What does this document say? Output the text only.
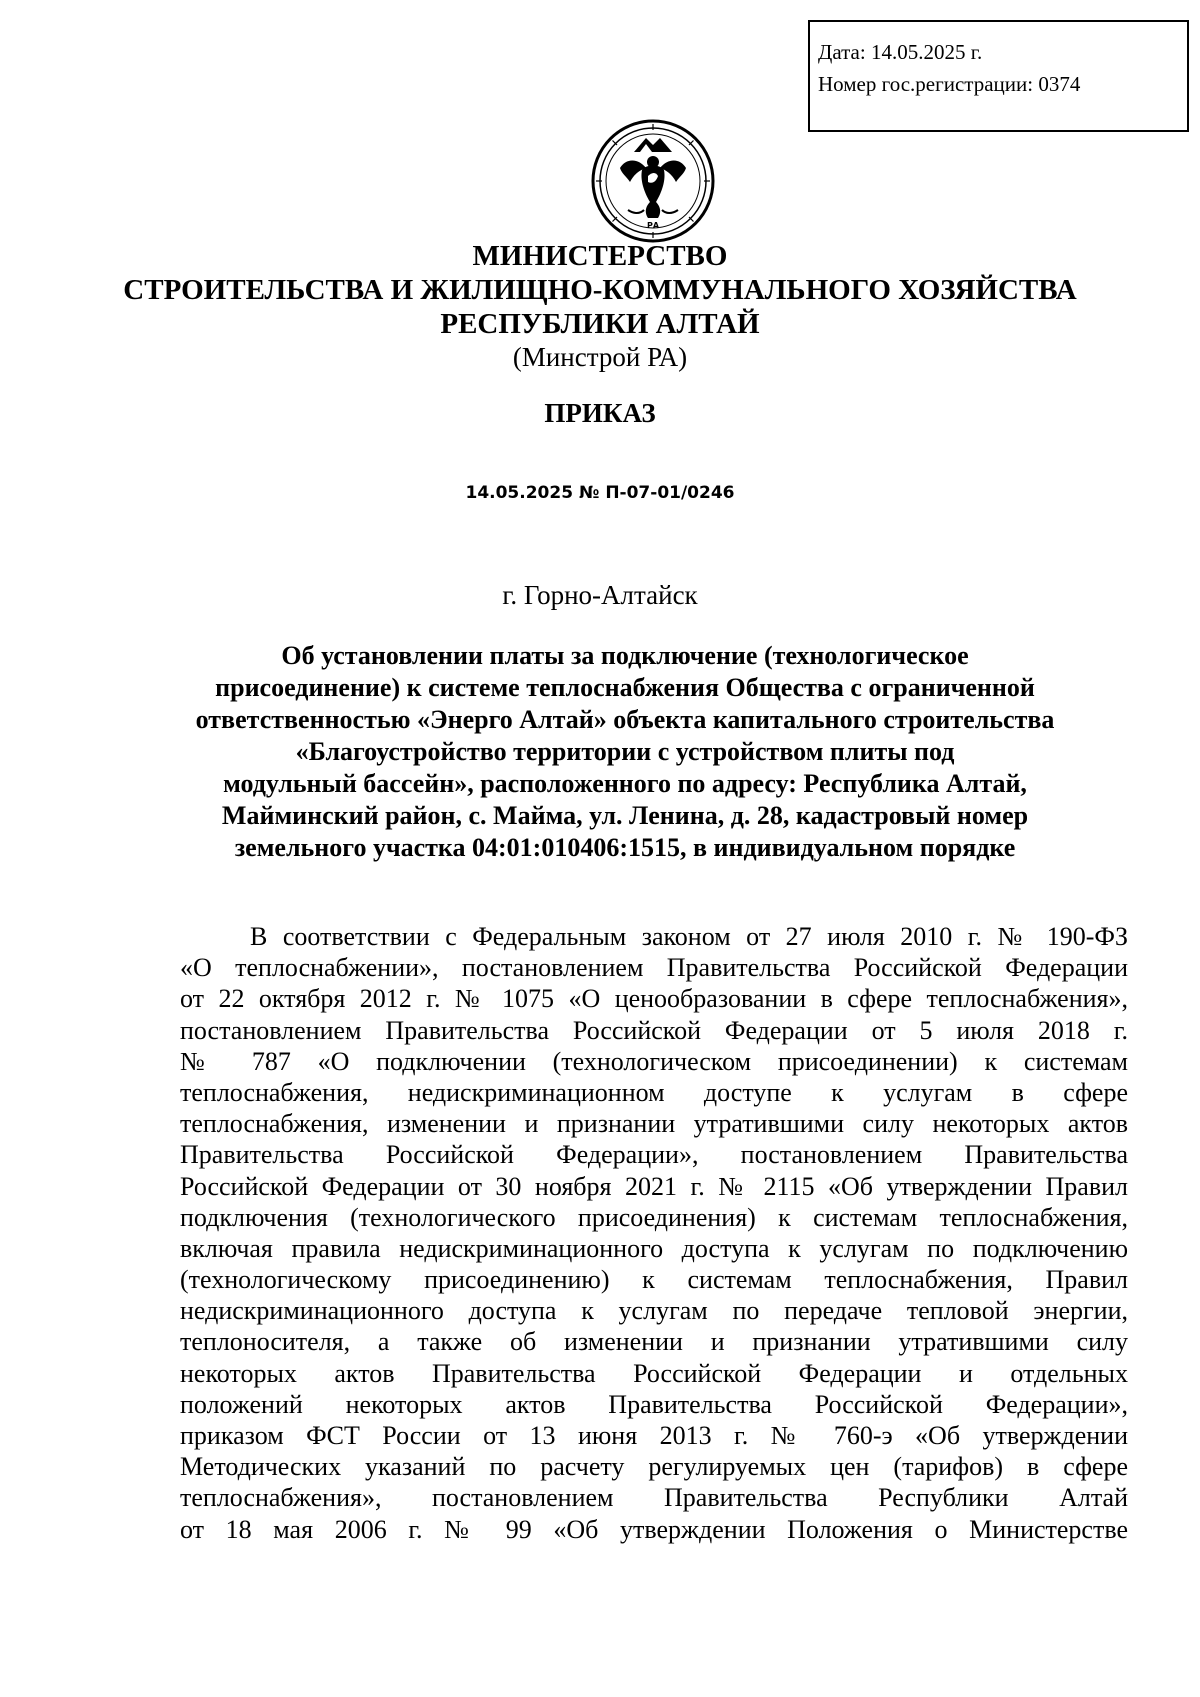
Дата: 14.05.2025 г.
Номер гос.регистрации: 0374
РА
МИНИСТЕРСТВО
СТРОИТЕЛЬСТВА И ЖИЛИЩНО-КОММУНАЛЬНОГО ХОЗЯЙСТВА
РЕСПУБЛИКИ АЛТАЙ
(Минстрой РА)
ПРИКАЗ
14.05.2025 № П-07-01/0246
г. Горно-Алтайск
Об установлении платы за подключение (технологическое
присоединение) к системе теплоснабжения Общества с ограниченной
ответственностью «Энерго Алтай» объекта капитального строительства
«Благоустройство территории с устройством плиты под
модульный бассейн», расположенного по адресу: Республика Алтай,
Майминский район, с. Майма, ул. Ленина, д. 28, кадастровый номер
земельного участка 04:01:010406:1515, в индивидуальном порядке
В соответствии с Федеральным законом от 27 июля 2010 г. № 190-ФЗ
«О теплоснабжении», постановлением Правительства Российской Федерации
от 22 октября 2012 г. № 1075 «О ценообразовании в сфере теплоснабжения»,
постановлением Правительства Российской Федерации от 5 июля 2018 г.
№ 787 «О подключении (технологическом присоединении) к системам
теплоснабжения, недискриминационном доступе к услугам в сфере
теплоснабжения, изменении и признании утратившими силу некоторых актов
Правительства Российской Федерации», постановлением Правительства
Российской Федерации от 30 ноября 2021 г. № 2115 «Об утверждении Правил
подключения (технологического присоединения) к системам теплоснабжения,
включая правила недискриминационного доступа к услугам по подключению
(технологическому присоединению) к системам теплоснабжения, Правил
недискриминационного доступа к услугам по передаче тепловой энергии,
теплоносителя, а также об изменении и признании утратившими силу
некоторых актов Правительства Российской Федерации и отдельных
положений некоторых актов Правительства Российской Федерации»,
приказом ФСТ России от 13 июня 2013 г. № 760-э «Об утверждении
Методических указаний по расчету регулируемых цен (тарифов) в сфере
теплоснабжения», постановлением Правительства Республики Алтай
от 18 мая 2006 г. № 99 «Об утверждении Положения о Министерстве
